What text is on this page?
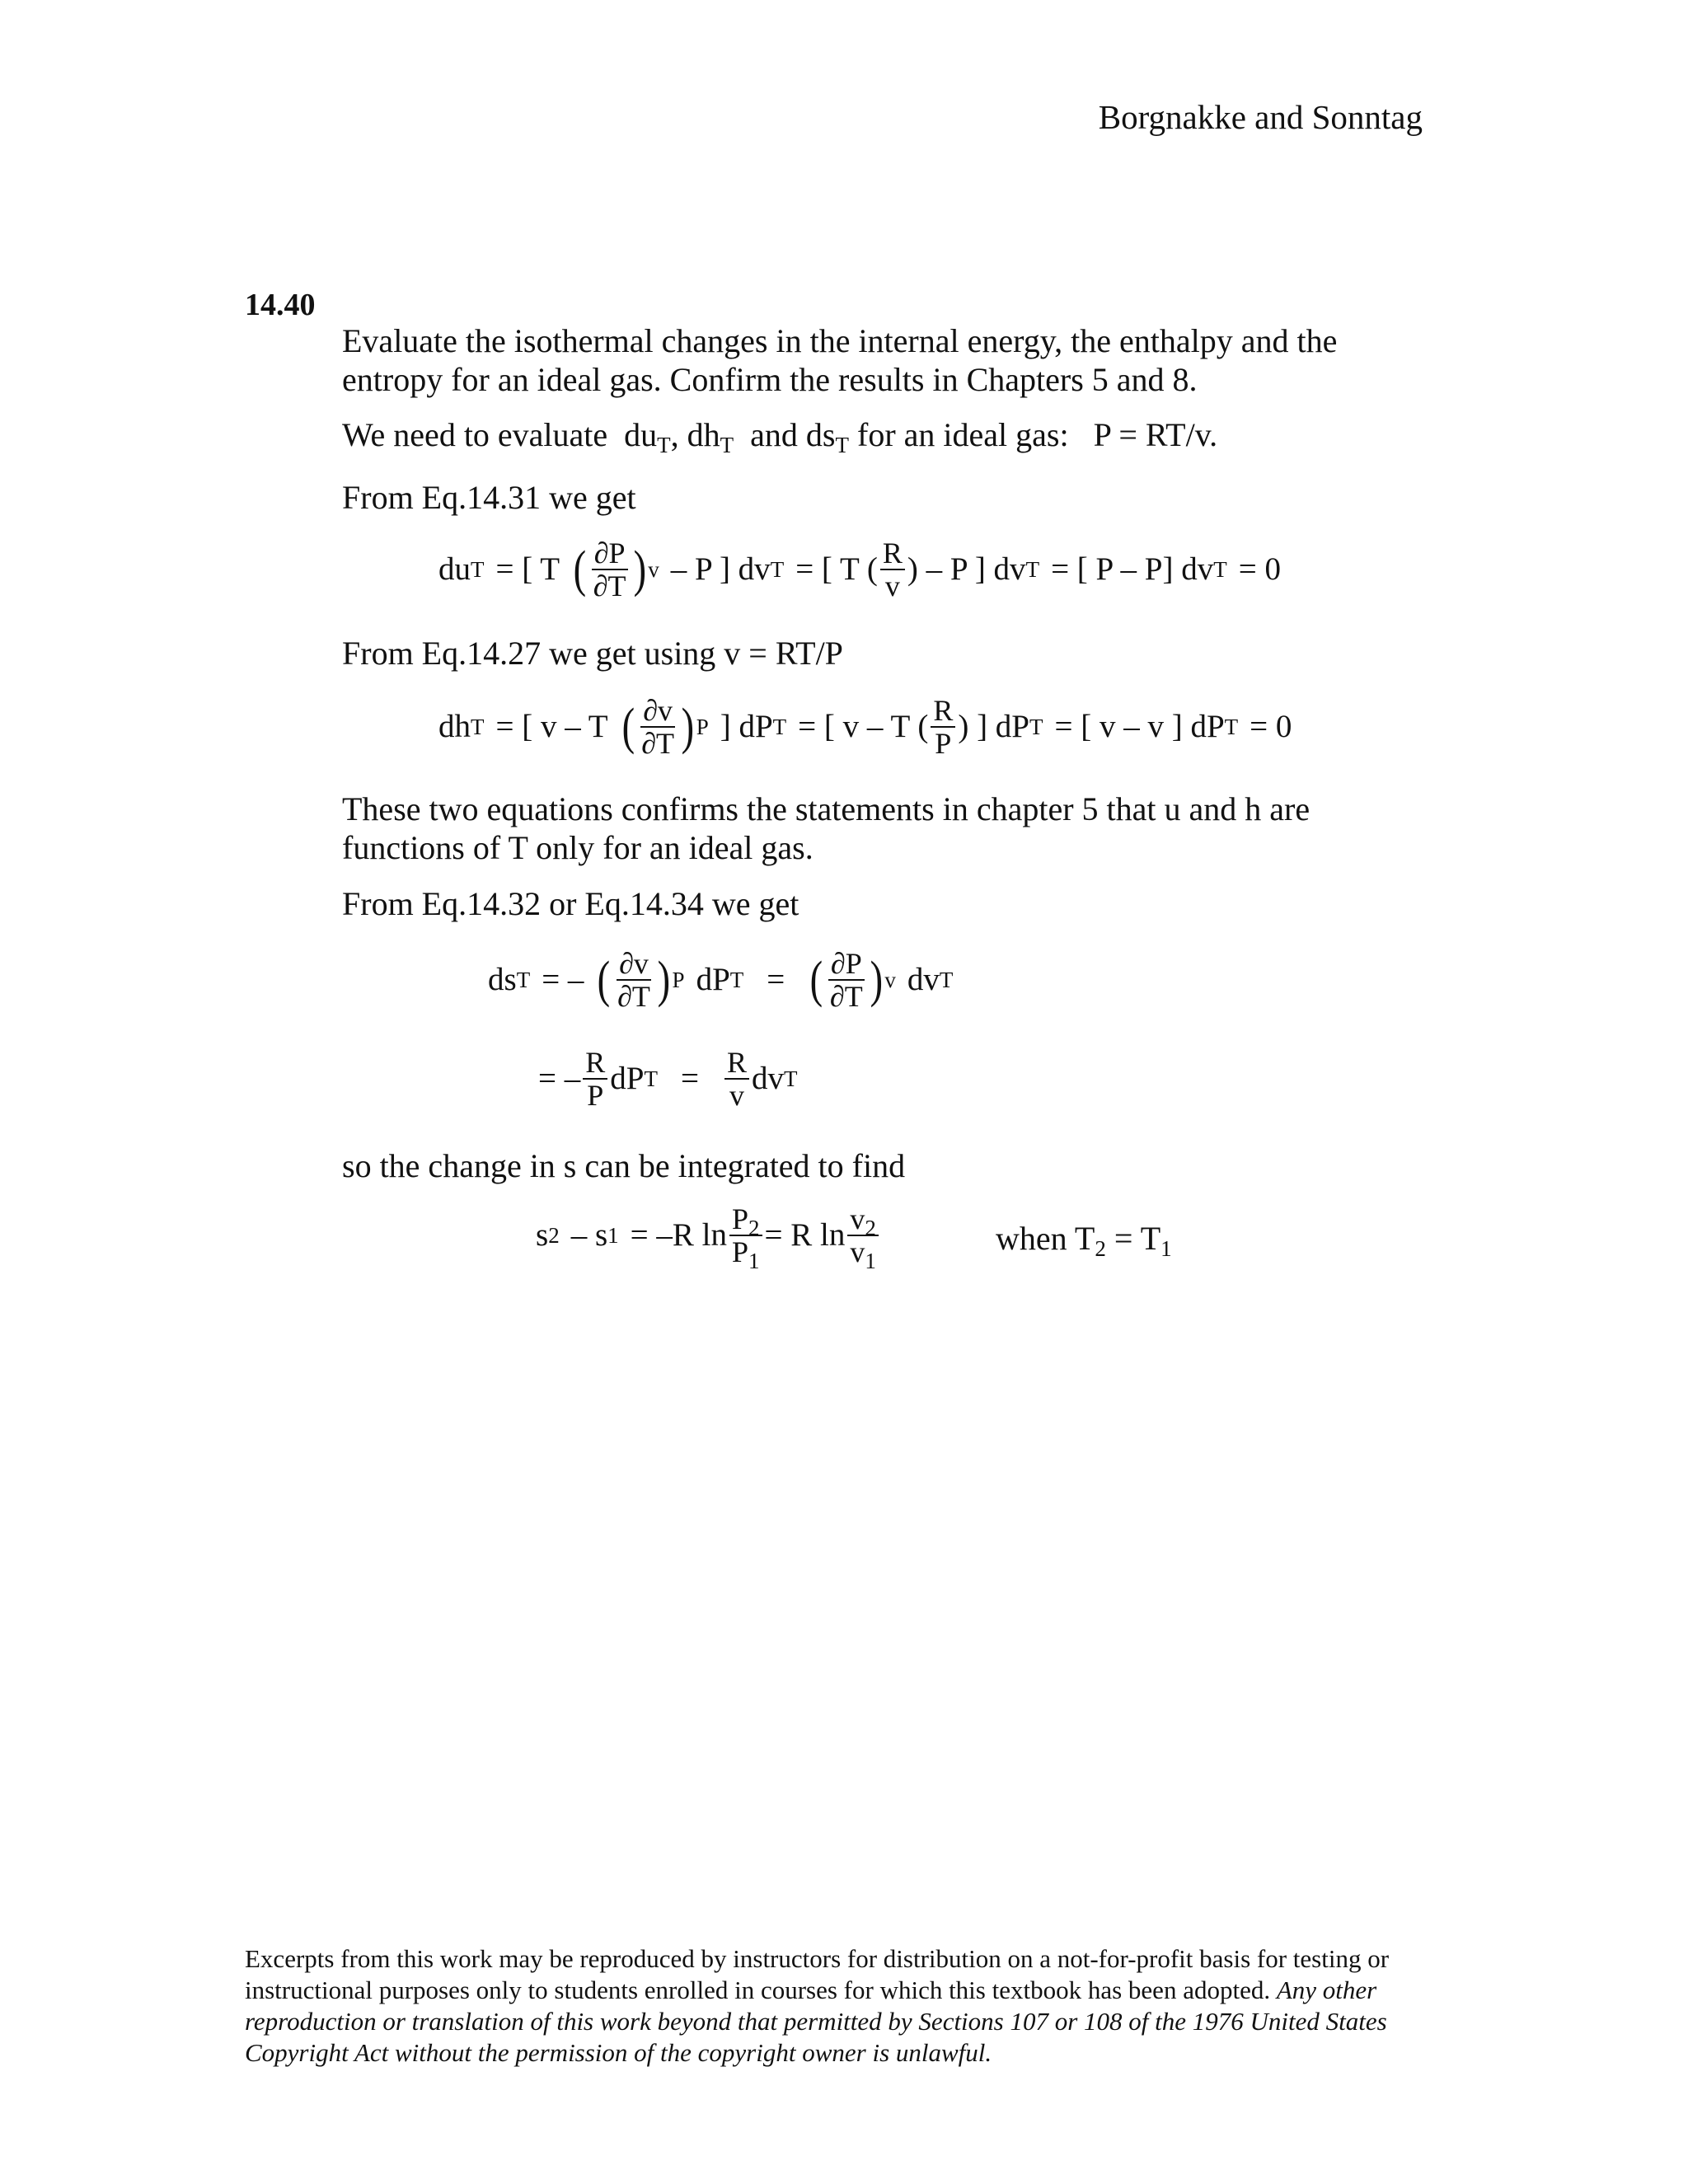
Borgnakke and Sonntag
14.40
Evaluate the isothermal changes in the internal energy, the enthalpy and the
entropy for an ideal gas. Confirm the results in Chapters 5 and 8.
We need to evaluate $du_T$, $dh_T$ and $ds_T$ for an ideal gas: P = RT/v.
From Eq.14.31 we get
du T = [ T ( $\frac{\partial P}{\partial T}$ ) v – P ] dv T = [ T ( $\frac{R}{v}$ ) – P ] dv T = [ P – P] dv T = 0
From Eq.14.27 we get using v = RT/P
dh T = [ v – T ( $\frac{\partial v}{\partial T}$ ) P ] dP T = [ v – T ( $\frac{R}{P}$ ) ] dP T = [ v – v ] dP T = 0
These two equations confirms the statements in chapter 5 that u and h are
functions of T only for an ideal gas.
From Eq.14.32 or Eq.14.34 we get
ds T = – ( $\frac{\partial v}{\partial T}$ ) P dP T = ( $\frac{\partial P}{\partial T}$ ) v dv T
= – $\frac{R}{P}$ dP $T = \frac{R}{v}$ dv T
so the change in s can be integrated to find
s 2 – s 1 = –R $\ln \frac{P_2}{P_1} = R$ $\ln \frac{v_2}{v_1}$	when $T_2 = T_1$
Excerpts from this work may be reproduced by instructors for distribution on a not-for-profit basis for testing or instructional purposes only to students enrolled in courses for which this textbook has been adopted. Any other reproduction or translation of this work beyond that permitted by Sections 107 or 108 of the 1976 United States Copyright Act without the permission of the copyright owner is unlawful.
